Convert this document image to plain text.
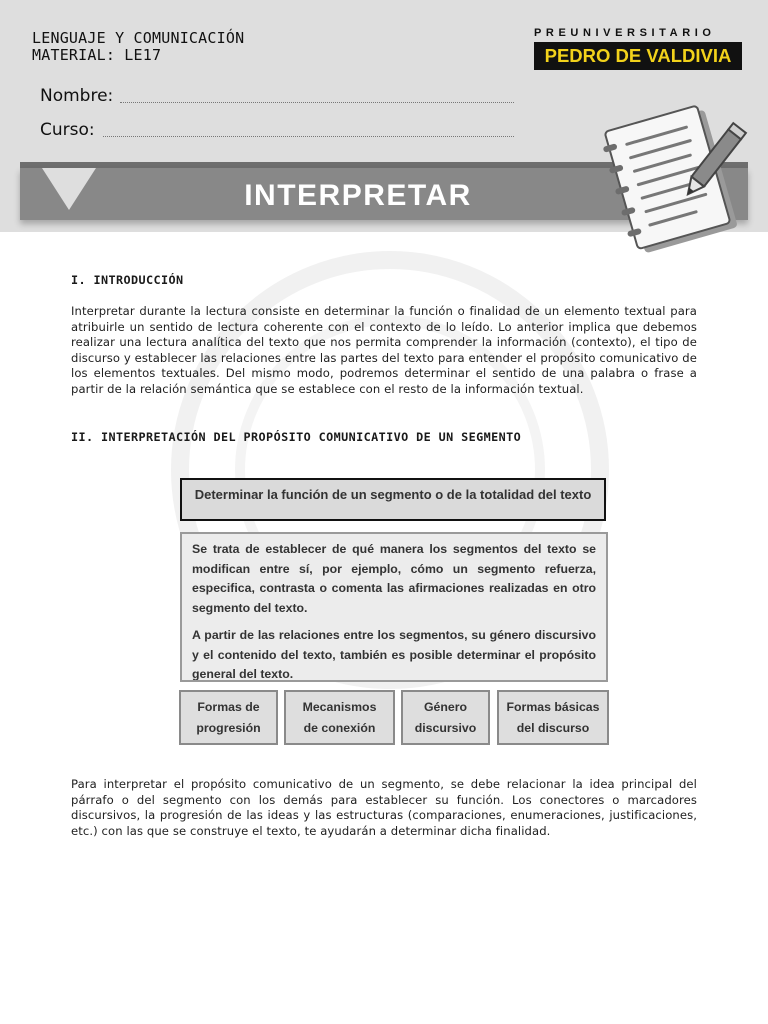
LENGUAJE Y COMUNICACIÓN
MATERIAL: LE17
PREUNIVERSITARIO
PEDRO DE VALDIVIA
Nombre:
Curso:
INTERPRETAR
I. INTRODUCCIÓN

Interpretar durante la lectura consiste en determinar la función o finalidad de un elemento textual para atribuirle un sentido de lectura coherente con el contexto de lo leído. Lo anterior implica que debemos realizar una lectura analítica del texto que nos permita comprender la información (contexto), el tipo de discurso y establecer las relaciones entre las partes del texto para entender el propósito comunicativo de los elementos textuales. Del mismo modo, podremos determinar el sentido de una palabra o frase a partir de la relación semántica que se establece con el resto de la información textual.

II. INTERPRETACIÓN DEL PROPÓSITO COMUNICATIVO DE UN SEGMENTO
Determinar la función de un segmento o de la totalidad del texto

Se trata de establecer de qué manera los segmentos del texto se modifican entre sí, por ejemplo, cómo un segmento refuerza, especifica, contrasta o comenta las afirmaciones realizadas en otro segmento del texto.

A partir de las relaciones entre los segmentos, su género discursivo y el contenido del texto, también es posible determinar el propósito general del texto.

Formas de
progresión
Mecanismos
de conexión
Género
discursivo
Formas básicas
del discurso

Para interpretar el propósito comunicativo de un segmento, se debe relacionar la idea principal del párrafo o del segmento con los demás para establecer su función. Los conectores o marcadores discursivos, la progresión de las ideas y las estructuras (comparaciones, enumeraciones, justificaciones, etc.) con las que se construye el texto, te ayudarán a determinar dicha finalidad.
